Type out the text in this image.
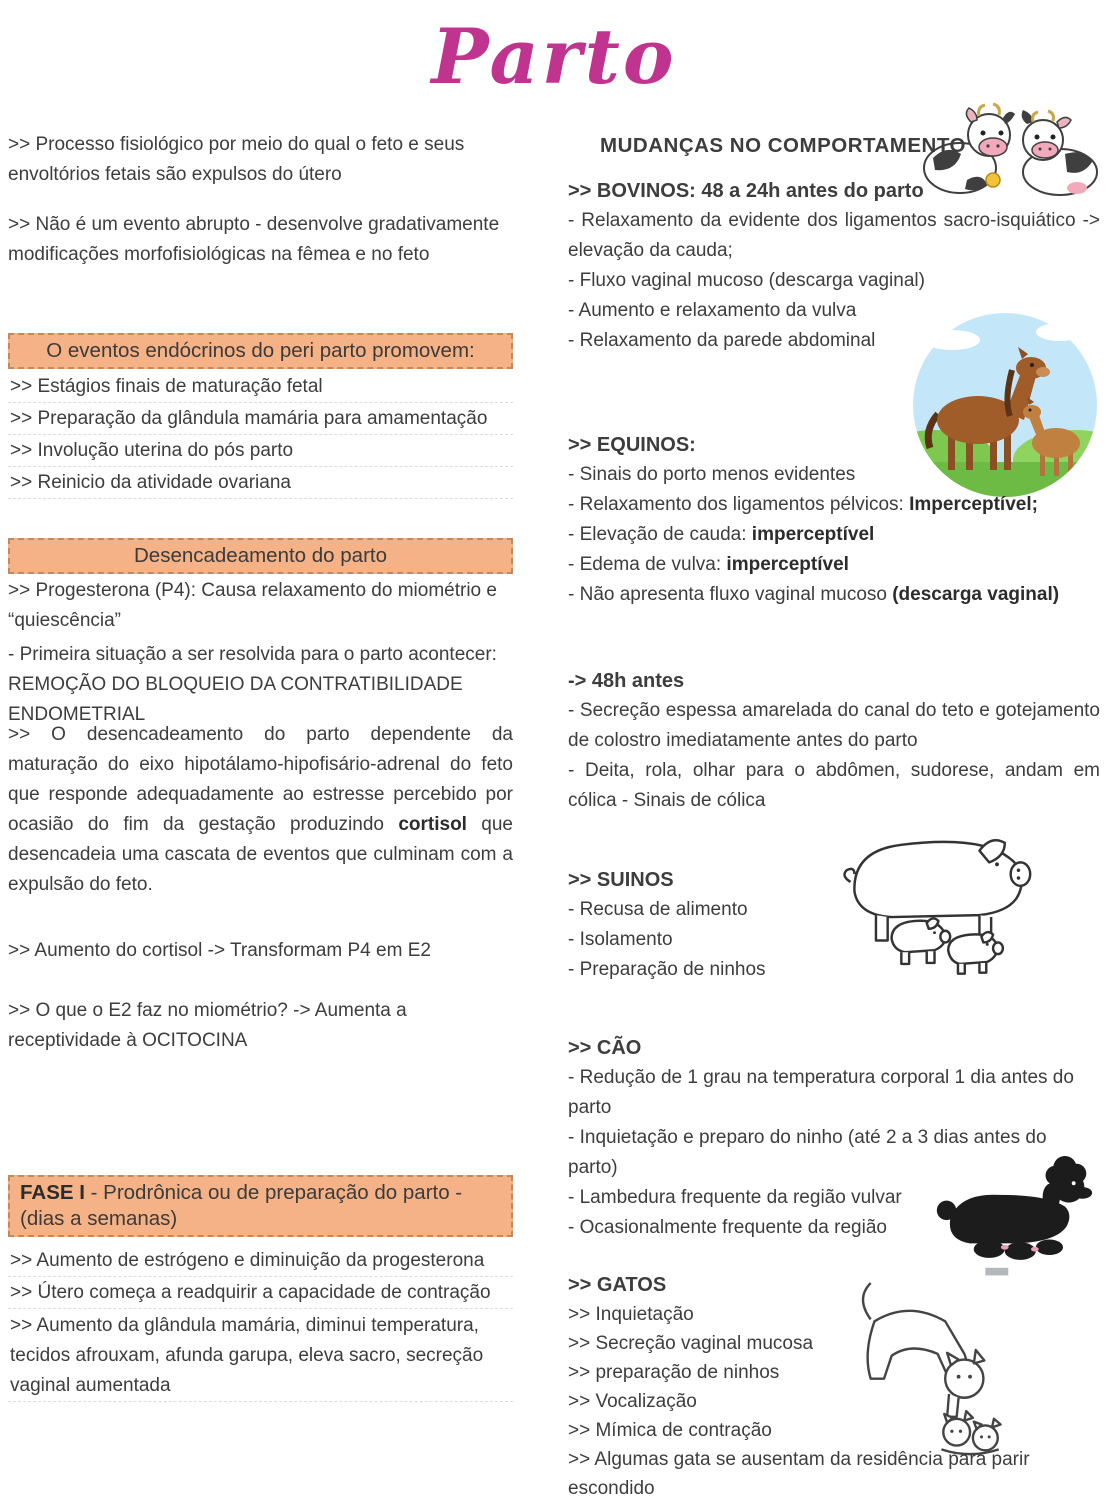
Parto

>> Processo fisiológico por meio do qual o feto e seus envoltórios fetais são expulsos do útero

>> Não é um evento abrupto - desenvolve gradativamente modificações morfofisiológicas na fêmea e no feto

O eventos endócrinos do peri parto promovem:
>> Estágios finais de maturação fetal
>> Preparação da glândula mamária para amamentação
>> Involução uterina do pós parto
>> Reinicio da atividade ovariana
Desencadeamento do parto

>> Progesterona (P4): Causa relaxamento do miométrio e “quiescência”

- Primeira situação a ser resolvida para o parto acontecer: REMOÇÃO DO BLOQUEIO DA CONTRATIBILIDADE ENDOMETRIAL

>> O desencadeamento do parto dependente da maturação do eixo hipotálamo-hipofisário-adrenal do feto que responde adequadamente ao estresse percebido por ocasião do fim da gestação produzindo cortisol que desencadeia uma cascata de eventos que culminam com a expulsão do feto.

>> Aumento do cortisol -> Transformam P4 em E2

>> O que o E2 faz no miométrio? -> Aumenta a receptividade à OCITOCINA

FASE I - Prodrônica ou de preparação do parto - (dias a semanas)
>> Aumento de estrógeno e diminuição da progesterona
>> Útero começa a readquirir a capacidade de contração
>> Aumento da glândula mamária, diminui temperatura, tecidos afrouxam, afunda garupa, eleva sacro, secreção vaginal aumentada
MUDANÇAS NO COMPORTAMENTO
>> BOVINOS: 48 a 24h antes do parto
- Relaxamento da evidente dos ligamentos sacro-isquiático -> elevação da cauda;
- Fluxo vaginal mucoso (descarga vaginal)
- Aumento e relaxamento da vulva
- Relaxamento da parede abdominal
>> EQUINOS:
- Sinais do porto menos evidentes
- Relaxamento dos ligamentos pélvicos: Imperceptível;
- Elevação de cauda: imperceptível
- Edema de vulva: imperceptível
- Não apresenta fluxo vaginal mucoso (descarga vaginal)
-> 48h antes
- Secreção espessa amarelada do canal do teto e gotejamento de colostro imediatamente antes do parto
- Deita, rola, olhar para o abdômen, sudorese, andam em cólica - Sinais de cólica
>> SUINOS
- Recusa de alimento
- Isolamento
- Preparação de ninhos
>> CÃO
- Redução de 1 grau na temperatura corporal 1 dia antes do parto
- Inquietação e preparo do ninho (até 2 a 3 dias antes do parto)
- Lambedura frequente da região vulvar
- Ocasionalmente frequente da região
>> GATOS
>> Inquietação
>> Secreção vaginal mucosa
>> preparação de ninhos
>> Vocalização
>> Mímica de contração
>> Algumas gata se ausentam da residência para parir escondido
